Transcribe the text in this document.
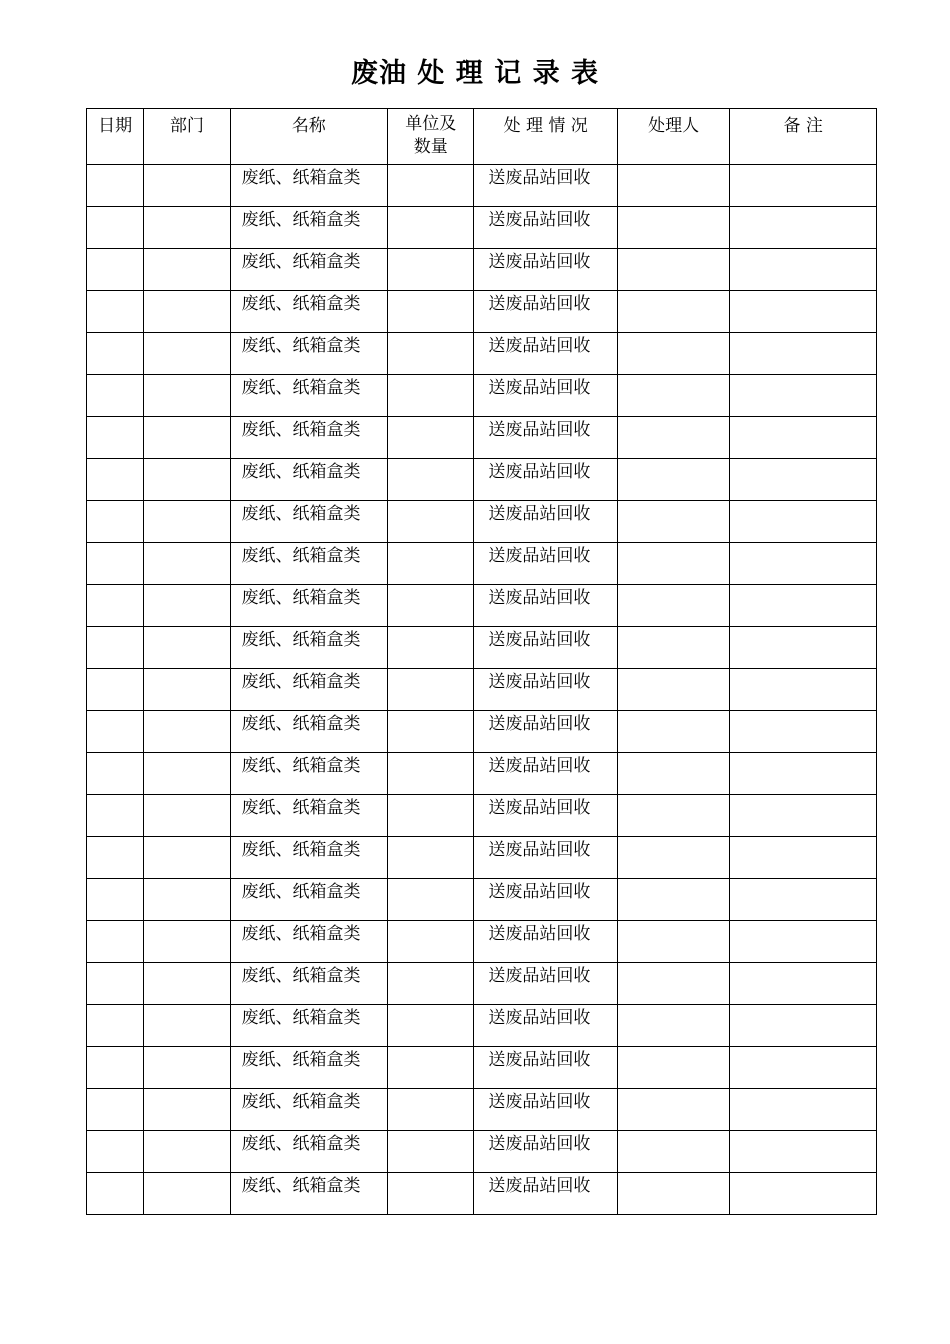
废油 处 理 记 录 表
日期	部门	名称	单位及
数量	处 理 情 况	处理人	备 注
		废纸、纸箱盒类		送废品站回收		
		废纸、纸箱盒类		送废品站回收		
		废纸、纸箱盒类		送废品站回收		
		废纸、纸箱盒类		送废品站回收		
		废纸、纸箱盒类		送废品站回收		
		废纸、纸箱盒类		送废品站回收		
		废纸、纸箱盒类		送废品站回收		
		废纸、纸箱盒类		送废品站回收		
		废纸、纸箱盒类		送废品站回收		
		废纸、纸箱盒类		送废品站回收		
		废纸、纸箱盒类		送废品站回收		
		废纸、纸箱盒类		送废品站回收		
		废纸、纸箱盒类		送废品站回收		
		废纸、纸箱盒类		送废品站回收		
		废纸、纸箱盒类		送废品站回收		
		废纸、纸箱盒类		送废品站回收		
		废纸、纸箱盒类		送废品站回收		
		废纸、纸箱盒类		送废品站回收		
		废纸、纸箱盒类		送废品站回收		
		废纸、纸箱盒类		送废品站回收		
		废纸、纸箱盒类		送废品站回收		
		废纸、纸箱盒类		送废品站回收		
		废纸、纸箱盒类		送废品站回收		
		废纸、纸箱盒类		送废品站回收		
		废纸、纸箱盒类		送废品站回收		
